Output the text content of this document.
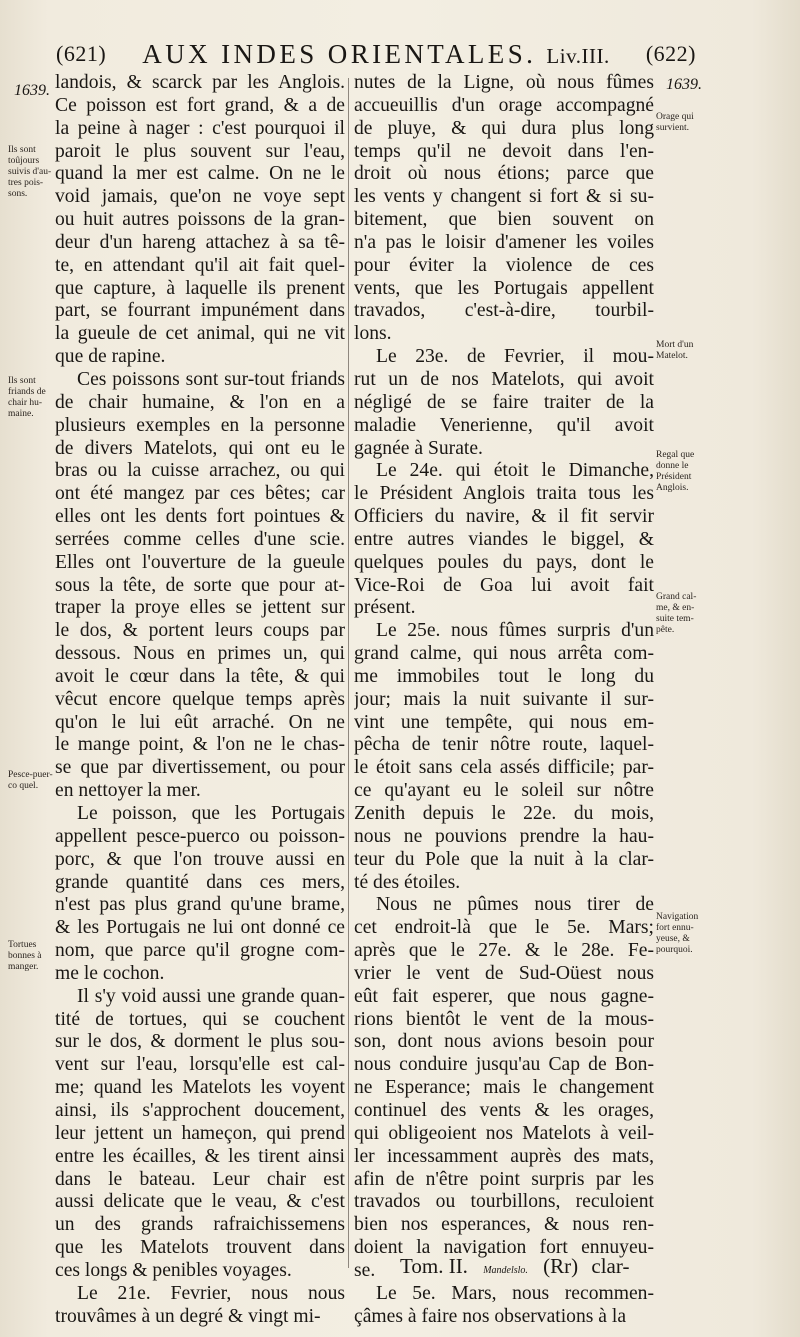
(621) AUX INDES ORIENTALES. Liv.III. (622)
1639.	1639.
landois, & scarck par les Anglois.
Ce poisson est fort grand, & a de
la peine à nager : c'est pourquoi il
paroit le plus souvent sur l'eau,
quand la mer est calme. On ne le
void jamais, que'on ne voye sept
ou huit autres poissons de la gran-
deur d'un hareng attachez à sa tê-
te, en attendant qu'il ait fait quel-
que capture, à laquelle ils prenent
part, se fourrant impunément dans
la gueule de cet animal, qui ne vit
que de rapine.
Ces poissons sont sur-tout friands
de chair humaine, & l'on en a
plusieurs exemples en la personne
de divers Matelots, qui ont eu le
bras ou la cuisse arrachez, ou qui
ont été mangez par ces bêtes; car
elles ont les dents fort pointues &
serrées comme celles d'une scie.
Elles ont l'ouverture de la gueule
sous la tête, de sorte que pour at-
traper la proye elles se jettent sur
le dos, & portent leurs coups par
dessous. Nous en primes un, qui
avoit le cœur dans la tête, & qui
vêcut encore quelque temps après
qu'on le lui eût arraché. On ne
le mange point, & l'on ne le chas-
se que par divertissement, ou pour
en nettoyer la mer.
Le poisson, que les Portugais
appellent pesce-puerco ou poisson-
porc, & que l'on trouve aussi en
grande quantité dans ces mers,
n'est pas plus grand qu'une brame,
& les Portugais ne lui ont donné ce
nom, que parce qu'il grogne com-
me le cochon.
Il s'y void aussi une grande quan-
tité de tortues, qui se couchent
sur le dos, & dorment le plus sou-
vent sur l'eau, lorsqu'elle est cal-
me; quand les Matelots les voyent
ainsi, ils s'approchent doucement,
leur jettent un hameçon, qui prend
entre les écailles, & les tirent ainsi
dans le bateau. Leur chair est
aussi delicate que le veau, & c'est
un des grands rafraichissemens
que les Matelots trouvent dans
ces longs & penibles voyages.
Le 21e. Fevrier, nous nous
trouvâmes à un degré & vingt mi-
nutes de la Ligne, où nous fûmes
accueuillis d'un orage accompagné
de pluye, & qui dura plus long
temps qu'il ne devoit dans l'en-
droit où nous étions; parce que
les vents y changent si fort & si su-
bitement, que bien souvent on
n'a pas le loisir d'amener les voiles
pour éviter la violence de ces
vents, que les Portugais appellent
travados, c'est-à-dire, tourbil-
lons.
Le 23e. de Fevrier, il mou-
rut un de nos Matelots, qui avoit
négligé de se faire traiter de la
maladie Venerienne, qu'il avoit
gagnée à Surate.
Le 24e. qui étoit le Dimanche,
le Président Anglois traita tous les
Officiers du navire, & il fit servir
entre autres viandes le biggel, &
quelques poules du pays, dont le
Vice-Roi de Goa lui avoit fait
présent.
Le 25e. nous fûmes surpris d'un
grand calme, qui nous arrêta com-
me immobiles tout le long du
jour; mais la nuit suivante il sur-
vint une tempête, qui nous em-
pêcha de tenir nôtre route, laquel-
le étoit sans cela assés difficile; par-
ce qu'ayant eu le soleil sur nôtre
Zenith depuis le 22e. du mois,
nous ne pouvions prendre la hau-
teur du Pole que la nuit à la clar-
té des étoiles.
Nous ne pûmes nous tirer de
cet endroit-là que le 5e. Mars;
après que le 27e. & le 28e. Fe-
vrier le vent de Sud-Oüest nous
eût fait esperer, que nous gagne-
rions bientôt le vent de la mous-
son, dont nous avions besoin pour
nous conduire jusqu'au Cap de Bon-
ne Esperance; mais le changement
continuel des vents & les orages,
qui obligeoient nos Matelots à veil-
ler incessamment auprès des mats,
afin de n'être point surpris par les
travados ou tourbillons, reculoient
bien nos esperances, & nous ren-
doient la navigation fort ennuyeu-
se.
Le 5e. Mars, nous recommen-
çâmes à faire nos observations à la
Ils sont
toûjours
suivis d'au-
tres pois-
sons.
Ils sont
friands de
chair hu-
maine.
Pesce-puer-
co quel.
Tortues
bonnes à
manger.
Orage qui
survient.
Mort d'un
Matelot.
Regal que
donne le
Président
Anglois.
Grand cal-
me, & en-
suite tem-
pête.
Navigation
fort ennu-
yeuse, &
pourquoi.
Tom. II. Mandelslo. (Rr) clar-
